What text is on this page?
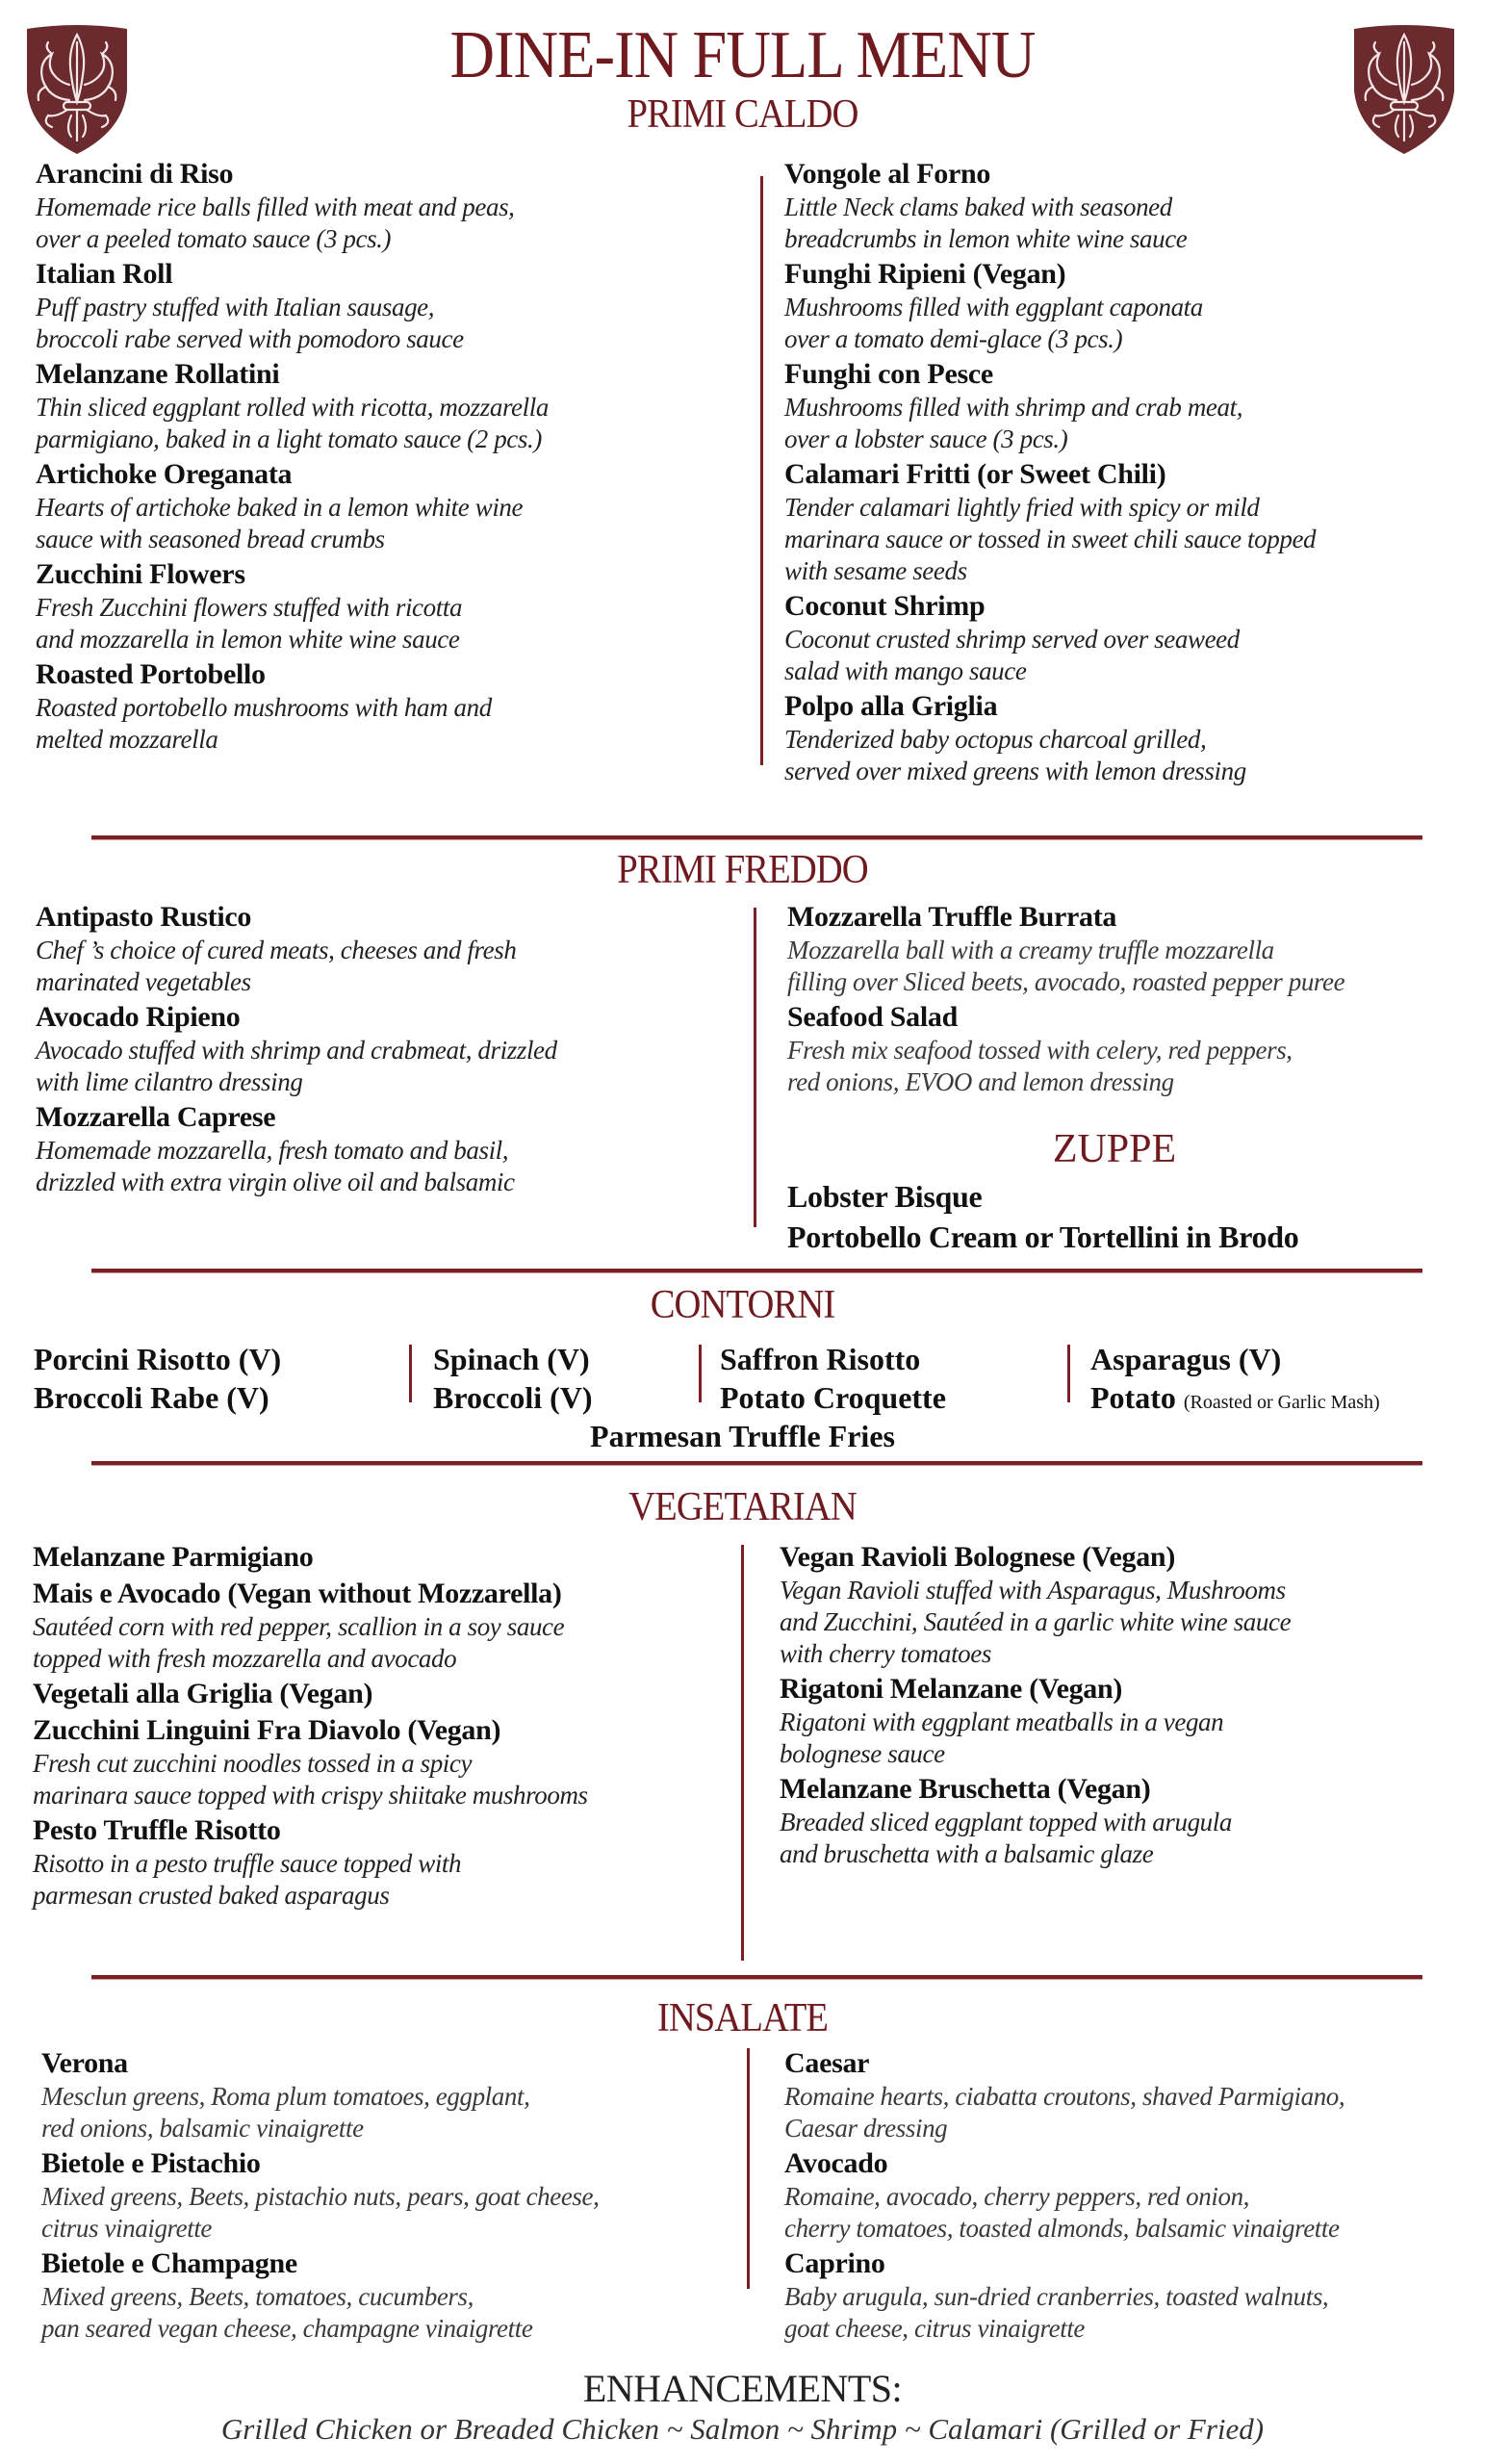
DINE-IN FULL MENU
PRIMI CALDO
Arancini di Riso
Homemade rice balls filled with meat and peas,
over a peeled tomato sauce (3 pcs.)
Italian Roll
Puff pastry stuffed with Italian sausage,
broccoli rabe served with pomodoro sauce
Melanzane Rollatini
Thin sliced eggplant rolled with ricotta, mozzarella
parmigiano, baked in a light tomato sauce (2 pcs.)
Artichoke Oreganata
Hearts of artichoke baked in a lemon white wine
sauce with seasoned bread crumbs
Zucchini Flowers
Fresh Zucchini flowers stuffed with ricotta
and mozzarella in lemon white wine sauce
Roasted Portobello
Roasted portobello mushrooms with ham and
melted mozzarella
Vongole al Forno
Little Neck clams baked with seasoned
breadcrumbs in lemon white wine sauce
Funghi Ripieni (Vegan)
Mushrooms filled with eggplant caponata
over a tomato demi-glace (3 pcs.)
Funghi con Pesce
Mushrooms filled with shrimp and crab meat,
over a lobster sauce (3 pcs.)
Calamari Fritti (or Sweet Chili)
Tender calamari lightly fried with spicy or mild
marinara sauce or tossed in sweet chili sauce topped
with sesame seeds
Coconut Shrimp
Coconut crusted shrimp served over seaweed
salad with mango sauce
Polpo alla Griglia
Tenderized baby octopus charcoal grilled,
served over mixed greens with lemon dressing
PRIMI FREDDO
Antipasto Rustico
Chef ’s choice of cured meats, cheeses and fresh
marinated vegetables
Avocado Ripieno
Avocado stuffed with shrimp and crabmeat, drizzled
with lime cilantro dressing
Mozzarella Caprese
Homemade mozzarella, fresh tomato and basil,
drizzled with extra virgin olive oil and balsamic
Mozzarella Truffle Burrata
Mozzarella ball with a creamy truffle mozzarella
filling over Sliced beets, avocado, roasted pepper puree
Seafood Salad
Fresh mix seafood tossed with celery, red peppers,
red onions, EVOO and lemon dressing
ZUPPE
Lobster Bisque
Portobello Cream or Tortellini in Brodo
CONTORNI
Porcini Risotto (V)
Broccoli Rabe (V)
Spinach (V)
Broccoli (V)
Saffron Risotto
Potato Croquette
Asparagus (V)
Potato (Roasted or Garlic Mash)
Parmesan Truffle Fries
VEGETARIAN
Melanzane Parmigiano
Mais e Avocado (Vegan without Mozzarella)
Sautéed corn with red pepper, scallion in a soy sauce
topped with fresh mozzarella and avocado
Vegetali alla Griglia (Vegan)
Zucchini Linguini Fra Diavolo (Vegan)
Fresh cut zucchini noodles tossed in a spicy
marinara sauce topped with crispy shiitake mushrooms
Pesto Truffle Risotto
Risotto in a pesto truffle sauce topped with
parmesan crusted baked asparagus
Vegan Ravioli Bolognese (Vegan)
Vegan Ravioli stuffed with Asparagus, Mushrooms
and Zucchini, Sautéed in a garlic white wine sauce
with cherry tomatoes
Rigatoni Melanzane (Vegan)
Rigatoni with eggplant meatballs in a vegan
bolognese sauce
Melanzane Bruschetta (Vegan)
Breaded sliced eggplant topped with arugula
and bruschetta with a balsamic glaze
INSALATE
Verona
Mesclun greens, Roma plum tomatoes, eggplant,
red onions, balsamic vinaigrette
Bietole e Pistachio
Mixed greens, Beets, pistachio nuts, pears, goat cheese,
citrus vinaigrette
Bietole e Champagne
Mixed greens, Beets, tomatoes, cucumbers,
pan seared vegan cheese, champagne vinaigrette
Caesar
Romaine hearts, ciabatta croutons, shaved Parmigiano,
Caesar dressing
Avocado
Romaine, avocado, cherry peppers, red onion,
cherry tomatoes, toasted almonds, balsamic vinaigrette
Caprino
Baby arugula, sun-dried cranberries, toasted walnuts,
goat cheese, citrus vinaigrette
ENHANCEMENTS:
Grilled Chicken or Breaded Chicken ~ Salmon ~ Shrimp ~ Calamari (Grilled or Fried)
